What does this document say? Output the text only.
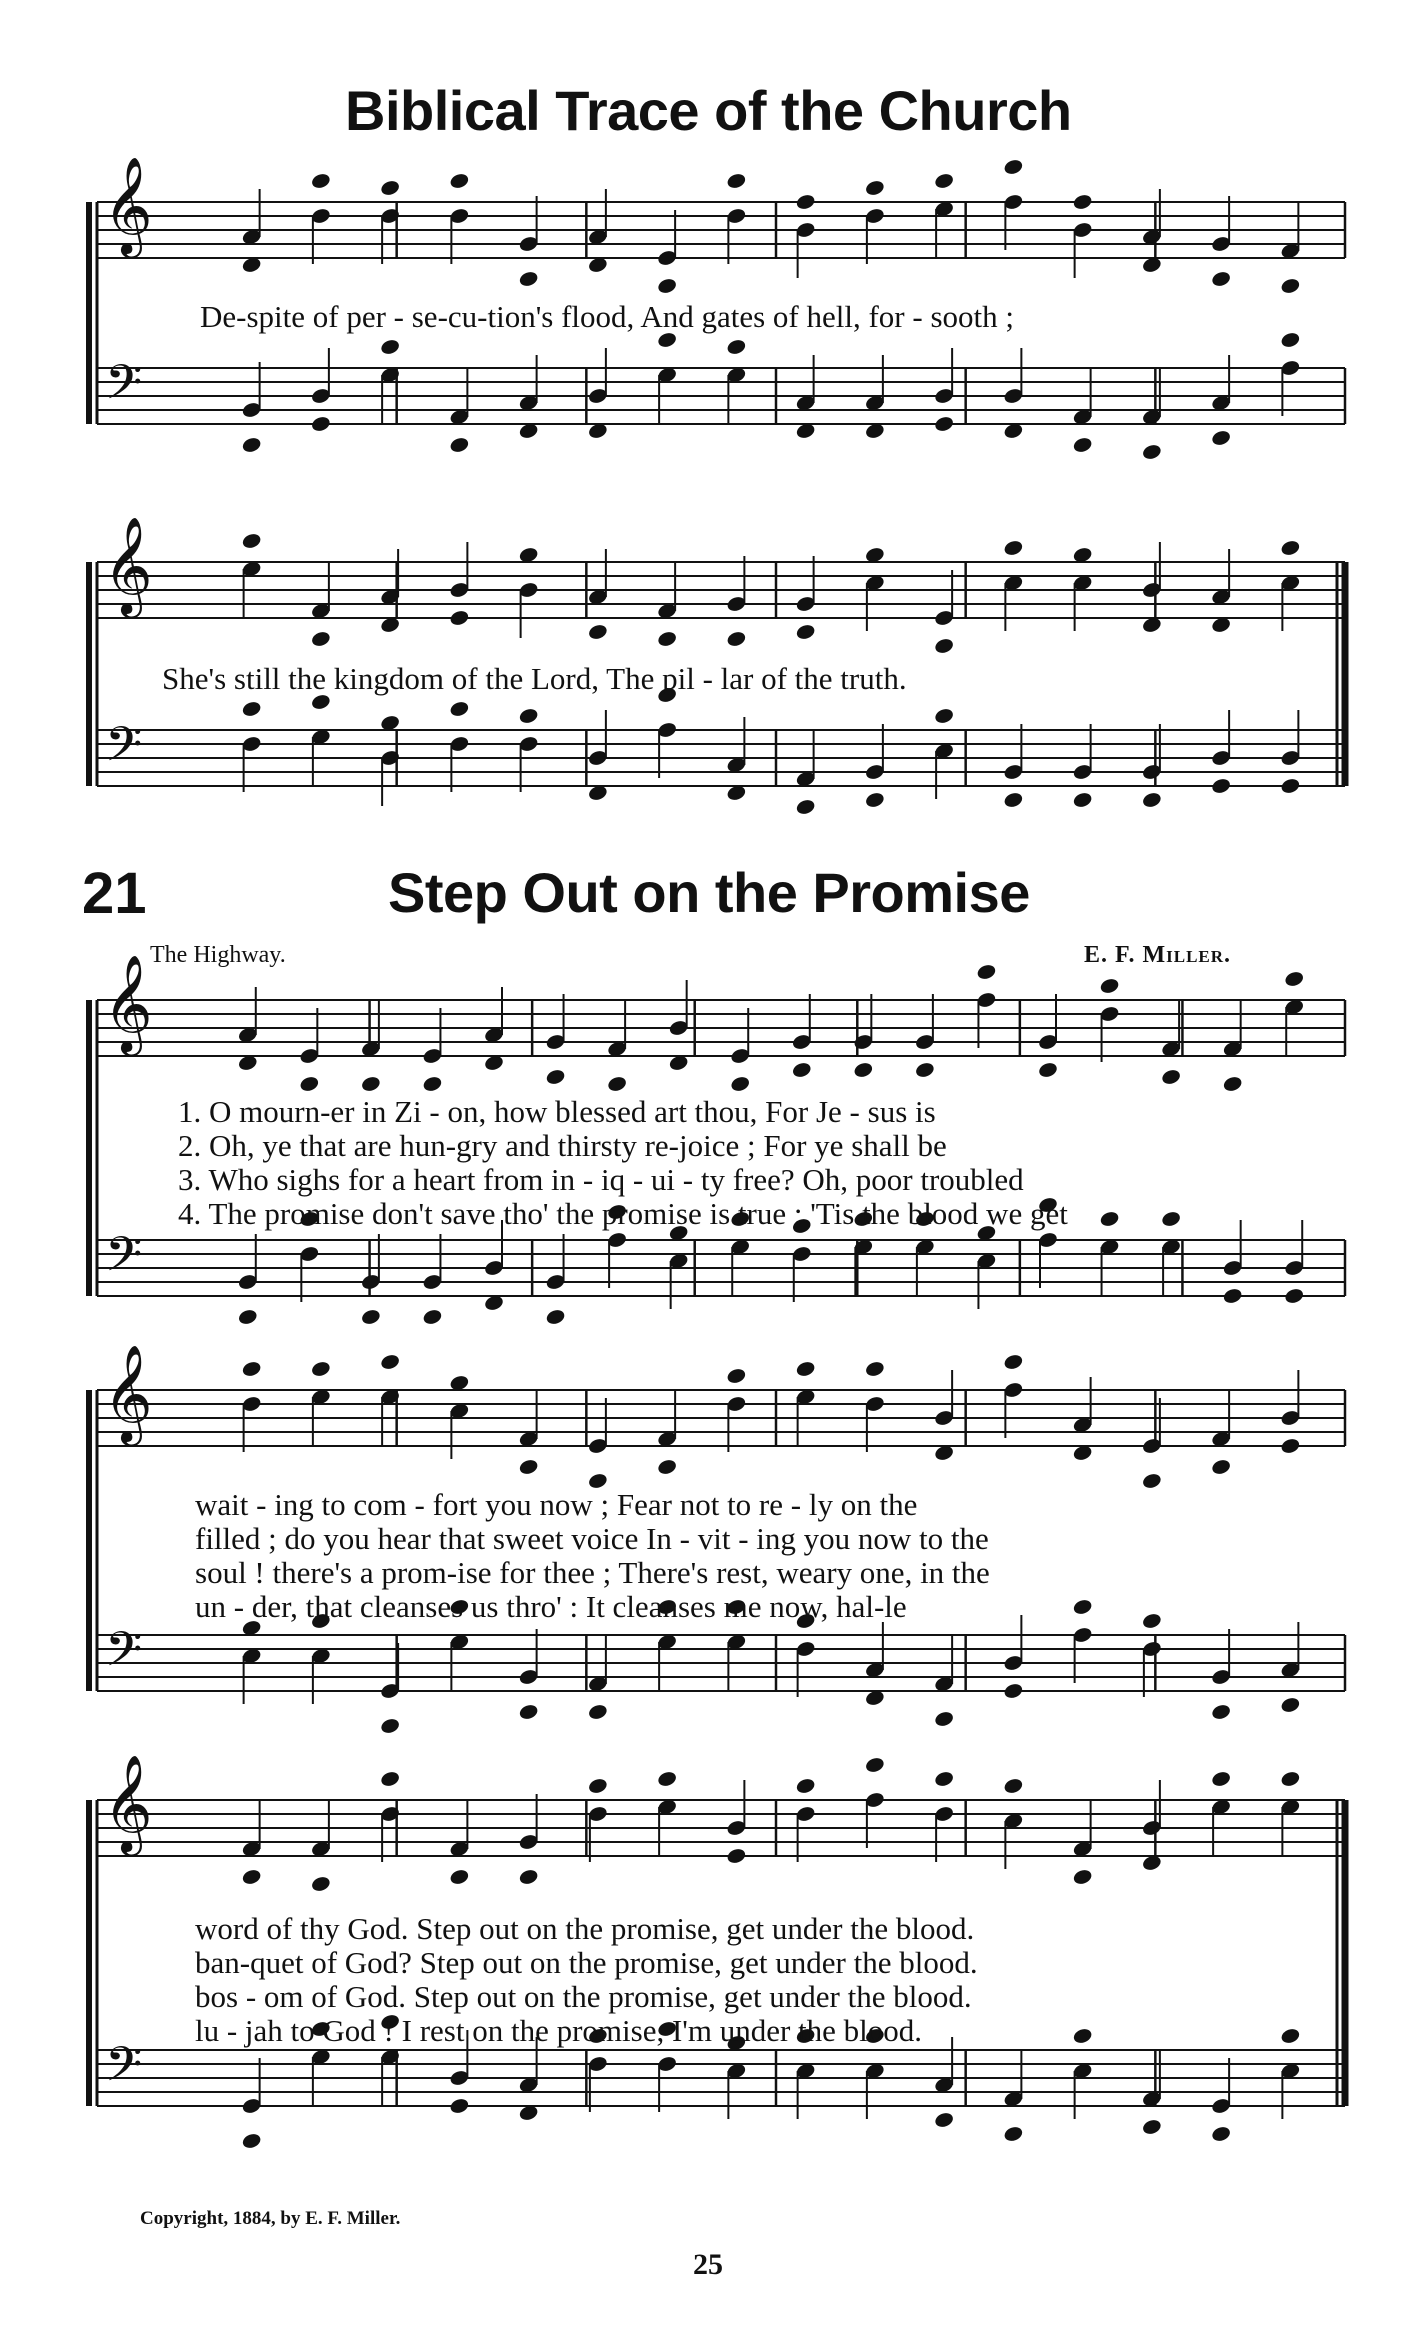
𝄞
𝄢
𝄞
𝄢
𝄞
𝄢
𝄞
𝄢
𝄞
𝄢
Biblical Trace of the Church
De-spite of per - se-cu-tion's flood, And gates of hell, for - sooth ;
She's still the kingdom of the Lord, The pil - lar of the truth.
21	Step Out on the Promise
The Highway.	E. F. Miller.
1. O mourn-er in Zi - on, how blessed art thou, For Je - sus is
2. Oh, ye that are hun-gry and thirsty re-joice ; For ye shall be
3. Who sighs for a heart from in - iq - ui - ty free? Oh, poor troubled
4. The promise don't save tho' the promise is true ; 'Tis the blood we get
wait - ing to com - fort you now ; Fear not to re - ly on the
filled ; do you hear that sweet voice In - vit - ing you now to the
soul ! there's a prom-ise for thee ; There's rest, weary one, in the
un - der, that cleanses us thro' : It cleanses me now, hal-le
word of thy God. Step out on the promise, get under the blood.
ban-quet of God? Step out on the promise, get under the blood.
bos - om of God. Step out on the promise, get under the blood.
lu - jah to God ! I rest on the promise, I'm under the blood.
Copyright, 1884, by E. F. Miller.
25
